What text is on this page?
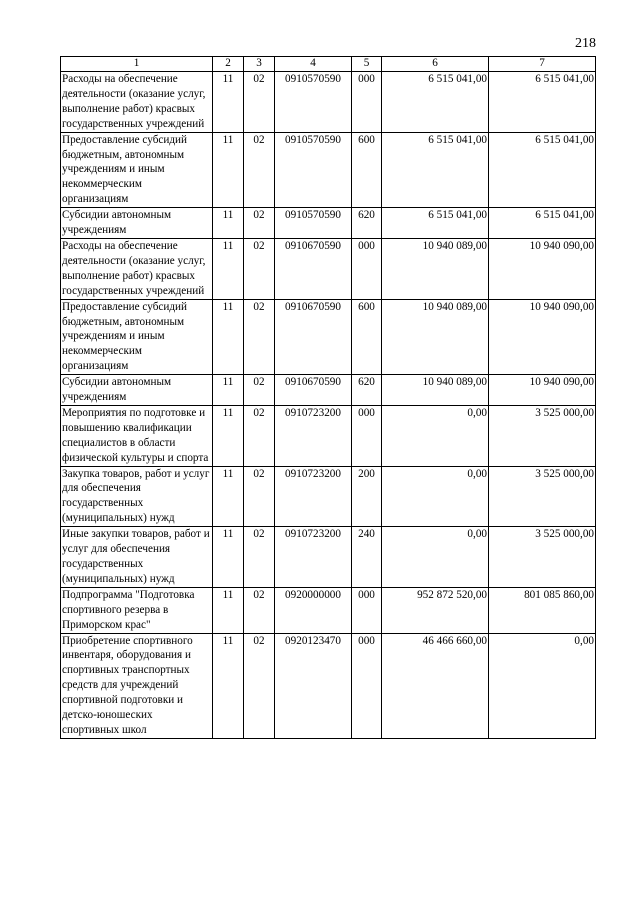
218
1	2	3	4	5	6	7
Расходы на обеспечение деятельности (оказание услуг, выполнение работ) красвых государственных учреждений	11	02	0910570590	000	6 515 041,00	6 515 041,00
Предоставление субсидий бюджетным, автономным учреждениям и иным некоммерческим организациям	11	02	0910570590	600	6 515 041,00	6 515 041,00
Субсидии автономным учреждениям	11	02	0910570590	620	6 515 041,00	6 515 041,00
Расходы на обеспечение деятельности (оказание услуг, выполнение работ) красвых государственных учреждений	11	02	0910670590	000	10 940 089,00	10 940 090,00
Предоставление субсидий бюджетным, автономным учреждениям и иным некоммерческим организациям	11	02	0910670590	600	10 940 089,00	10 940 090,00
Субсидии автономным учреждениям	11	02	0910670590	620	10 940 089,00	10 940 090,00
Мероприятия по подготовке и повышению квалификации специалистов в области физической культуры и спорта	11	02	0910723200	000	0,00	3 525 000,00
Закупка товаров, работ и услуг для обеспечения государственных (муниципальных) нужд	11	02	0910723200	200	0,00	3 525 000,00
Иные закупки товаров, работ и услуг для обеспечения государственных (муниципальных) нужд	11	02	0910723200	240	0,00	3 525 000,00
Подпрограмма "Подготовка спортивного резерва в Приморском крас"	11	02	0920000000	000	952 872 520,00	801 085 860,00
Приобретение спортивного инвентаря, оборудования и спортивных транспортных средств для учреждений спортивной подготовки и детско-юношеских спортивных школ	11	02	0920123470	000	46 466 660,00	0,00
